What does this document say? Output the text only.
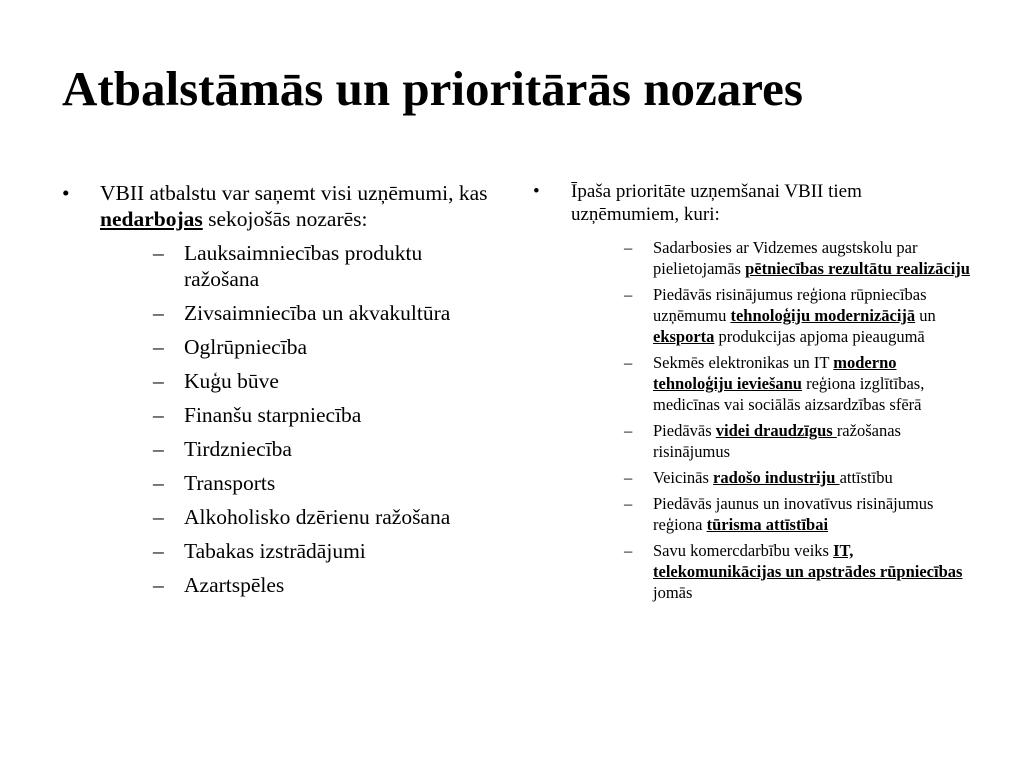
Atbalstāmās un prioritārās nozares
• VBII atbalstu var saņemt visi uzņēmumi, kas nedarbojas sekojošās nozarēs:
– Lauksaimniecības produktu ražošana
– Zivsaimniecība un akvakultūra
– Oglrūpniecība
– Kuģu būve
– Finanšu starpniecība
– Tirdzniecība
– Transports
– Alkoholisko dzērienu ražošana
– Tabakas izstrādājumi
– Azartspēles
• Īpaša prioritāte uzņemšanai VBII tiem uzņēmumiem, kuri:
– Sadarbosies ar Vidzemes augstskolu par pielietojamās pētniecības rezultātu realizāciju
– Piedāvās risinājumus reģiona rūpniecības uzņēmumu tehnoloģiju modernizācijā un eksporta produkcijas apjoma pieaugumā
– Sekmēs elektronikas un IT moderno tehnoloģiju ieviešanu reģiona izglītības, medicīnas vai sociālās aizsardzības sfērā
– Piedāvās videi draudzīgus ražošanas risinājumus
– Veicinās radošo industriju attīstību
– Piedāvās jaunus un inovatīvus risinājumus reģiona tūrisma attīstībai
– Savu komercdarbību veiks IT, telekomunikācijas un apstrādes rūpniecības jomās
